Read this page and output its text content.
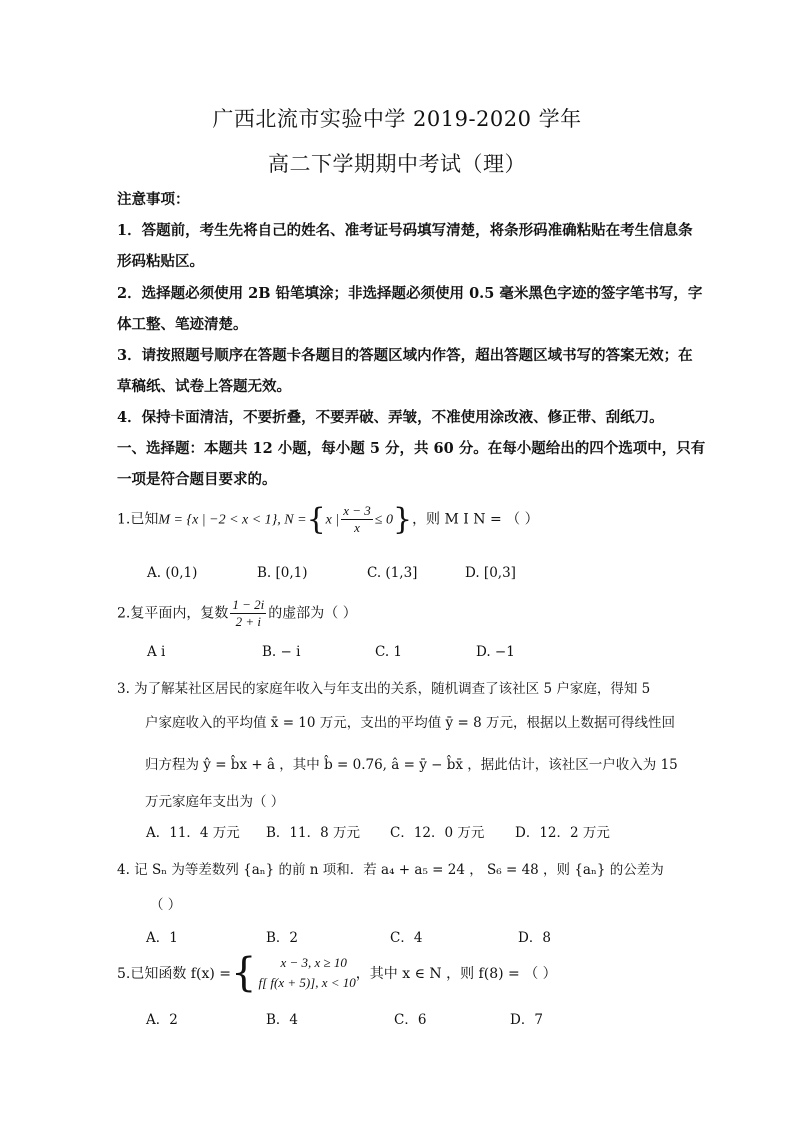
广西北流市实验中学 2019-2020 学年
高二下学期期中考试（理）
注意事项：
1．答题前，考生先将自己的姓名、准考证号码填写清楚，将条形码准确粘贴在考生信息条
形码粘贴区。
2．选择题必须使用 2B 铅笔填涂；非选择题必须使用 0.5 毫米黑色字迹的签字笔书写，字
体工整、笔迹清楚。
3．请按照题号顺序在答题卡各题目的答题区域内作答，超出答题区域书写的答案无效；在
草稿纸、试卷上答题无效。
4．保持卡面清洁，不要折叠，不要弄破、弄皱，不准使用涂改液、修正带、刮纸刀。
一、选择题：本题共 12 小题，每小题 5 分，共 60 分。在每小题给出的四个选项中，只有
一项是符合题目要求的。
1.已知M = {x | −2 < x < 1}, N ={x | $\frac{x - 3}{x} \le 0$}，则 M I N = （ ）
A. (0,1)	B. [0,1)	C. (1,3]	D. [0,3]
2.复平面内，复数 $\frac{1 - 2i}{2 + i}$ 的虚部为（ ）
A i	B. − i	C. 1	D. −1
3. 为了解某社区居民的家庭年收入与年支出的关系，随机调查了该社区 5 户家庭，得知 5
户家庭收入的平均值 x̄ = 10 万元，支出的平均值 ȳ = 8 万元，根据以上数据可得线性回
归方程为 ŷ = b̂x + â ，其中 b̂ = 0.76, â = ȳ − b̂x̄ ，据此估计，该社区一户收入为 15
万元家庭年支出为（ ）
A．11．4 万元 B．11．8 万元 C．12．0 万元 D．12．2 万元
4. 记 Sₙ 为等差数列 {aₙ} 的前 n 项和．若 a₄ + a₅ = 24 ， S₆ = 48 ，则 {aₙ} 的公差为
（ ）
A．1	B．2	C．4	D．8
5.已知函数 f(x) = {	x − 3, x ≥ 10
f[ f(x + 5)], x < 10
，其中 x ∈ N ，则 f(8) = （ ）
A．2	B．4	C．6	D．7
